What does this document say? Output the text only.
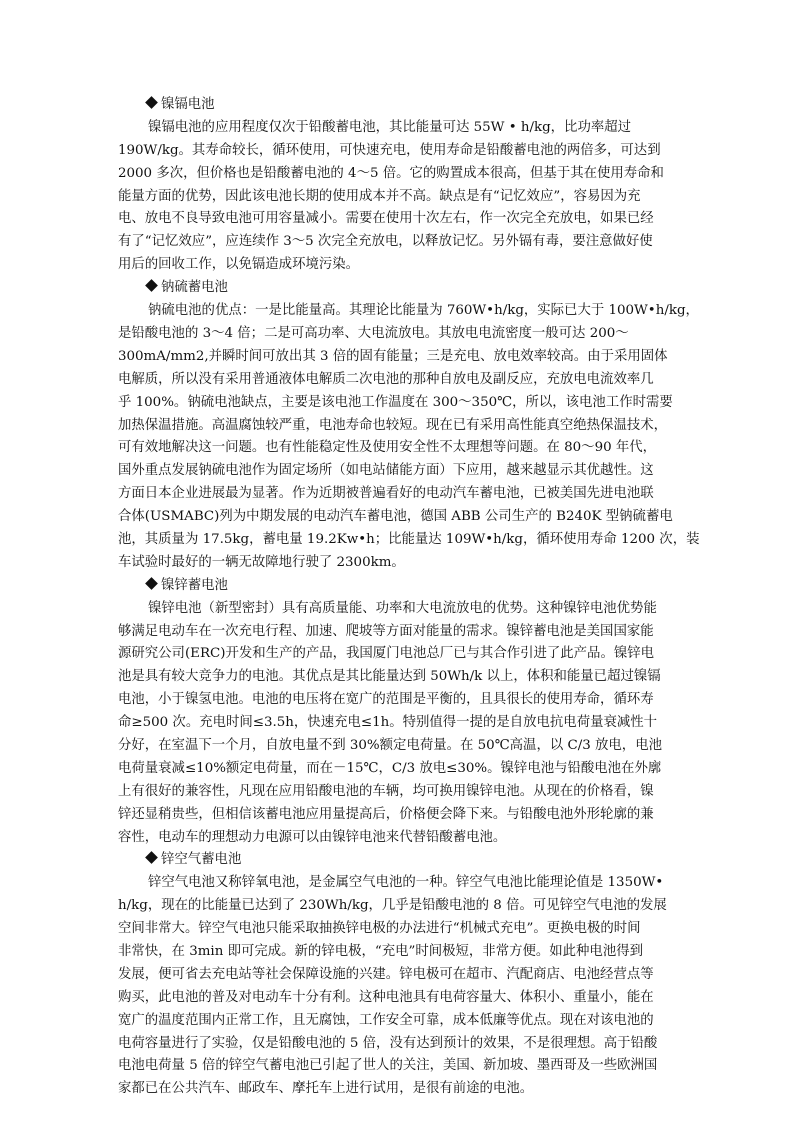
镍镉电池
镍镉电池的应用程度仅次于铅酸蓄电池，其比能量可达 55W • h/kg，比功率超过
190W/kg。其寿命较长，循环使用，可快速充电，使用寿命是铅酸蓄电池的两倍多，可达到
2000 多次，但价格也是铅酸蓄电池的 4～5 倍。它的购置成本很高，但基于其在使用寿命和
能量方面的优势，因此该电池长期的使用成本并不高。缺点是有“记忆效应”，容易因为充
电、放电不良导致电池可用容量减小。需要在使用十次左右，作一次完全充放电，如果已经
有了“记忆效应”，应连续作 3～5 次完全充放电，以释放记忆。另外镉有毒，要注意做好使
用后的回收工作，以免镉造成环境污染。
钠硫蓄电池
钠硫电池的优点：一是比能量高。其理论比能量为 760W•h/kg，实际已大于 100W•h/kg，
是铅酸电池的 3～4 倍；二是可高功率、大电流放电。其放电电流密度一般可达 200～
300mA/mm2,并瞬时间可放出其 3 倍的固有能量；三是充电、放电效率较高。由于采用固体
电解质，所以没有采用普通液体电解质二次电池的那种自放电及副反应，充放电电流效率几
乎 100%。钠硫电池缺点，主要是该电池工作温度在 300～350℃，所以，该电池工作时需要
加热保温措施。高温腐蚀较严重，电池寿命也较短。现在已有采用高性能真空绝热保温技术，
可有效地解决这一问题。也有性能稳定性及使用安全性不太理想等问题。在 80～90 年代，
国外重点发展钠硫电池作为固定场所（如电站储能方面）下应用，越来越显示其优越性。这
方面日本企业进展最为显著。作为近期被普遍看好的电动汽车蓄电池，已被美国先进电池联
合体(USMABC)列为中期发展的电动汽车蓄电池，德国 ABB 公司生产的 B240K 型钠硫蓄电
池，其质量为 17.5kg，蓄电量 19.2Kw•h；比能量达 109W•h/kg，循环使用寿命 1200 次，装
车试验时最好的一辆无故障地行驶了 2300km。
镍锌蓄电池
镍锌电池（新型密封）具有高质量能、功率和大电流放电的优势。这种镍锌电池优势能
够满足电动车在一次充电行程、加速、爬坡等方面对能量的需求。镍锌蓄电池是美国国家能
源研究公司(ERC)开发和生产的产品，我国厦门电池总厂已与其合作引进了此产品。镍锌电
池是具有较大竞争力的电池。其优点是其比能量达到 50Wh/k 以上，体积和能量已超过镍镉
电池，小于镍氢电池。电池的电压将在宽广的范围是平衡的，且具很长的使用寿命，循环寿
命≥500 次。充电时间≤3.5h，快速充电≤1h。特别值得一提的是自放电抗电荷量衰减性十
分好，在室温下一个月，自放电量不到 30%额定电荷量。在 50℃高温，以 C/3 放电，电池
电荷量衰减≤10%额定电荷量，而在－15℃，C/3 放电≤30%。镍锌电池与铅酸电池在外廓
上有很好的兼容性，凡现在应用铅酸电池的车辆，均可换用镍锌电池。从现在的价格看，镍
锌还显稍贵些，但相信该蓄电池应用量提高后，价格便会降下来。与铅酸电池外形轮廓的兼
容性，电动车的理想动力电源可以由镍锌电池来代替铅酸蓄电池。
锌空气蓄电池
锌空气电池又称锌氧电池，是金属空气电池的一种。锌空气电池比能理论值是 1350W•
h/kg，现在的比能量已达到了 230Wh/kg，几乎是铅酸电池的 8 倍。可见锌空气电池的发展
空间非常大。锌空气电池只能采取抽换锌电极的办法进行“机械式充电”。更换电极的时间
非常快，在 3min 即可完成。新的锌电极，“充电”时间极短，非常方便。如此种电池得到
发展，便可省去充电站等社会保障设施的兴建。锌电极可在超市、汽配商店、电池经营点等
购买，此电池的普及对电动车十分有利。这种电池具有电荷容量大、体积小、重量小，能在
宽广的温度范围内正常工作，且无腐蚀，工作安全可靠，成本低廉等优点。现在对该电池的
电荷容量进行了实验，仅是铅酸电池的 5 倍，没有达到预计的效果，不是很理想。高于铅酸
电池电荷量 5 倍的锌空气蓄电池已引起了世人的关注，美国、新加坡、墨西哥及一些欧洲国
家都已在公共汽车、邮政车、摩托车上进行试用，是很有前途的电池。
